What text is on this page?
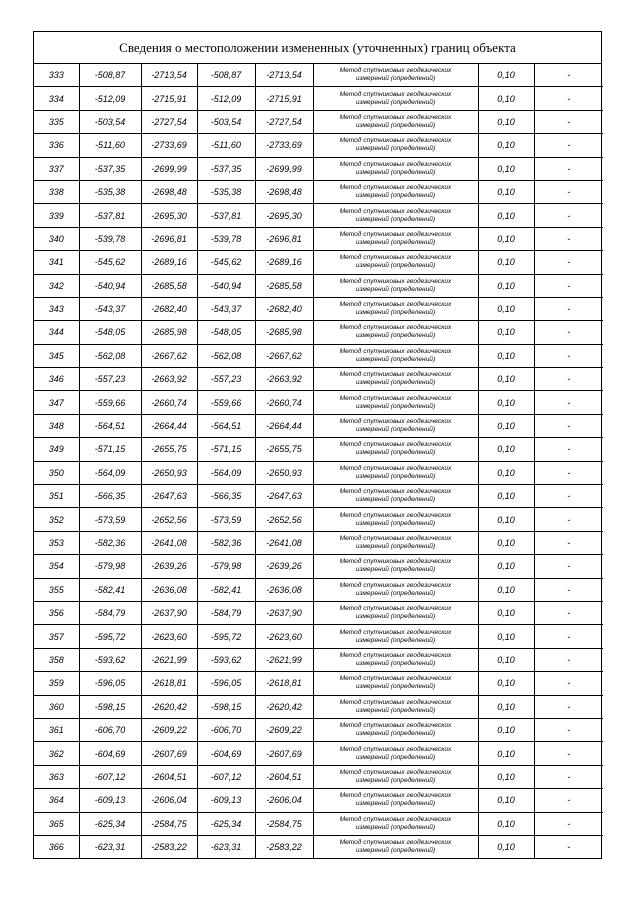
Сведения о местоположении измененных (уточненных) границ объекта
333	-508,87	-2713,54	-508,87	-2713,54	Метод спутниковых геодезических
измерений (определений)	0,10	-
334	-512,09	-2715,91	-512,09	-2715,91	Метод спутниковых геодезических
измерений (определений)	0,10	-
335	-503,54	-2727,54	-503,54	-2727,54	Метод спутниковых геодезических
измерений (определений)	0,10	-
336	-511,60	-2733,69	-511,60	-2733,69	Метод спутниковых геодезических
измерений (определений)	0,10	-
337	-537,35	-2699,99	-537,35	-2699,99	Метод спутниковых геодезических
измерений (определений)	0,10	-
338	-535,38	-2698,48	-535,38	-2698,48	Метод спутниковых геодезических
измерений (определений)	0,10	-
339	-537,81	-2695,30	-537,81	-2695,30	Метод спутниковых геодезических
измерений (определений)	0,10	-
340	-539,78	-2696,81	-539,78	-2696,81	Метод спутниковых геодезических
измерений (определений)	0,10	-
341	-545,62	-2689,16	-545,62	-2689,16	Метод спутниковых геодезических
измерений (определений)	0,10	-
342	-540,94	-2685,58	-540,94	-2685,58	Метод спутниковых геодезических
измерений (определений)	0,10	-
343	-543,37	-2682,40	-543,37	-2682,40	Метод спутниковых геодезических
измерений (определений)	0,10	-
344	-548,05	-2685,98	-548,05	-2685,98	Метод спутниковых геодезических
измерений (определений)	0,10	-
345	-562,08	-2667,62	-562,08	-2667,62	Метод спутниковых геодезических
измерений (определений)	0,10	-
346	-557,23	-2663,92	-557,23	-2663,92	Метод спутниковых геодезических
измерений (определений)	0,10	-
347	-559,66	-2660,74	-559,66	-2660,74	Метод спутниковых геодезических
измерений (определений)	0,10	-
348	-564,51	-2664,44	-564,51	-2664,44	Метод спутниковых геодезических
измерений (определений)	0,10	-
349	-571,15	-2655,75	-571,15	-2655,75	Метод спутниковых геодезических
измерений (определений)	0,10	-
350	-564,09	-2650,93	-564,09	-2650,93	Метод спутниковых геодезических
измерений (определений)	0,10	-
351	-566,35	-2647,63	-566,35	-2647,63	Метод спутниковых геодезических
измерений (определений)	0,10	-
352	-573,59	-2652,56	-573,59	-2652,56	Метод спутниковых геодезических
измерений (определений)	0,10	-
353	-582,36	-2641,08	-582,36	-2641,08	Метод спутниковых геодезических
измерений (определений)	0,10	-
354	-579,98	-2639,26	-579,98	-2639,26	Метод спутниковых геодезических
измерений (определений)	0,10	-
355	-582,41	-2636,08	-582,41	-2636,08	Метод спутниковых геодезических
измерений (определений)	0,10	-
356	-584,79	-2637,90	-584,79	-2637,90	Метод спутниковых геодезических
измерений (определений)	0,10	-
357	-595,72	-2623,60	-595,72	-2623,60	Метод спутниковых геодезических
измерений (определений)	0,10	-
358	-593,62	-2621,99	-593,62	-2621,99	Метод спутниковых геодезических
измерений (определений)	0,10	-
359	-596,05	-2618,81	-596,05	-2618,81	Метод спутниковых геодезических
измерений (определений)	0,10	-
360	-598,15	-2620,42	-598,15	-2620,42	Метод спутниковых геодезических
измерений (определений)	0,10	-
361	-606,70	-2609,22	-606,70	-2609,22	Метод спутниковых геодезических
измерений (определений)	0,10	-
362	-604,69	-2607,69	-604,69	-2607,69	Метод спутниковых геодезических
измерений (определений)	0,10	-
363	-607,12	-2604,51	-607,12	-2604,51	Метод спутниковых геодезических
измерений (определений)	0,10	-
364	-609,13	-2606,04	-609,13	-2606,04	Метод спутниковых геодезических
измерений (определений)	0,10	-
365	-625,34	-2584,75	-625,34	-2584,75	Метод спутниковых геодезических
измерений (определений)	0,10	-
366	-623,31	-2583,22	-623,31	-2583,22	Метод спутниковых геодезических
измерений (определений)	0,10	-
